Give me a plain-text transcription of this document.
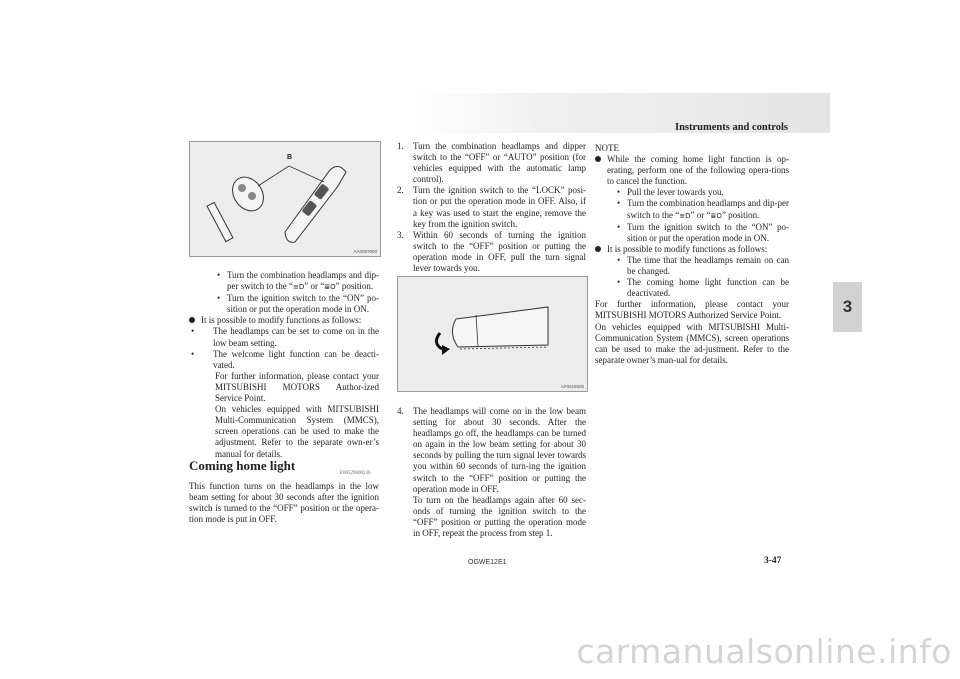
Instruments and controls
3
B
AA0097600

• Turn the combination headlamps and dip-per switch to the “≡D” or “≣O” position.

• Turn the ignition switch to the “ON” po-sition or put the operation mode in ON.

It is possible to modify functions as follows:

• The headlamps can be set to come on in the low beam setting.

• The welcome light function can be deacti-vated.

For further information, please contact your MITSUBISHI MOTORS Author-ized Service Point.

On vehicles equipped with MITSUBISHI Multi-Communication System (MMCS), screen operations can be used to make the adjustment. Refer to the separate own-er’s manual for details.

Coming home light
E00529000236
This function turns on the headlamps in the low beam setting for about 30 seconds after the ignition switch is turned to the “OFF” position or the opera-tion mode is put in OFF.

1. Turn the combination headlamps and dipper switch to the “OFF” or “AUTO” position (for vehicles equipped with the automatic lamp control).

2. Turn the ignition switch to the “LOCK” posi-tion or put the operation mode in OFF. Also, if a key was used to start the engine, remove the key from the ignition switch.

3. Within 60 seconds of turning the ignition switch to the “OFF” position or putting the operation mode in OFF, pull the turn signal lever towards you.

AF0015506

4. The headlamps will come on in the low beam setting for about 30 seconds. After the headlamps go off, the headlamps can be turned on again in the low beam setting for about 30 seconds by pulling the turn signal lever towards you within 60 seconds of turn-ing the ignition switch to the “OFF” position or putting the operation mode in OFF.

To turn on the headlamps again after 60 sec-onds of turning the ignition switch to the “OFF” position or putting the operation mode in OFF, repeat the process from step 1.

NOTE

While the coming home light function is op-erating, perform one of the following opera-tions to cancel the function.

• Pull the lever towards you.

• Turn the combination headlamps and dip-per switch to the “≡D” or “≣O” position.

• Turn the ignition switch to the “ON” po-sition or put the operation mode in ON.

It is possible to modify functions as follows:

• The time that the headlamps remain on can be changed.

• The coming home light function can be deactivated.

For further information, please contact your MITSUBISHI MOTORS Authorized Service Point.

On vehicles equipped with MITSUBISHI Multi-Communication System (MMCS), screen operations can be used to make the ad-justment. Refer to the separate owner’s man-ual for details.

OGWE12E1	3-47
carmanualsonline.info
